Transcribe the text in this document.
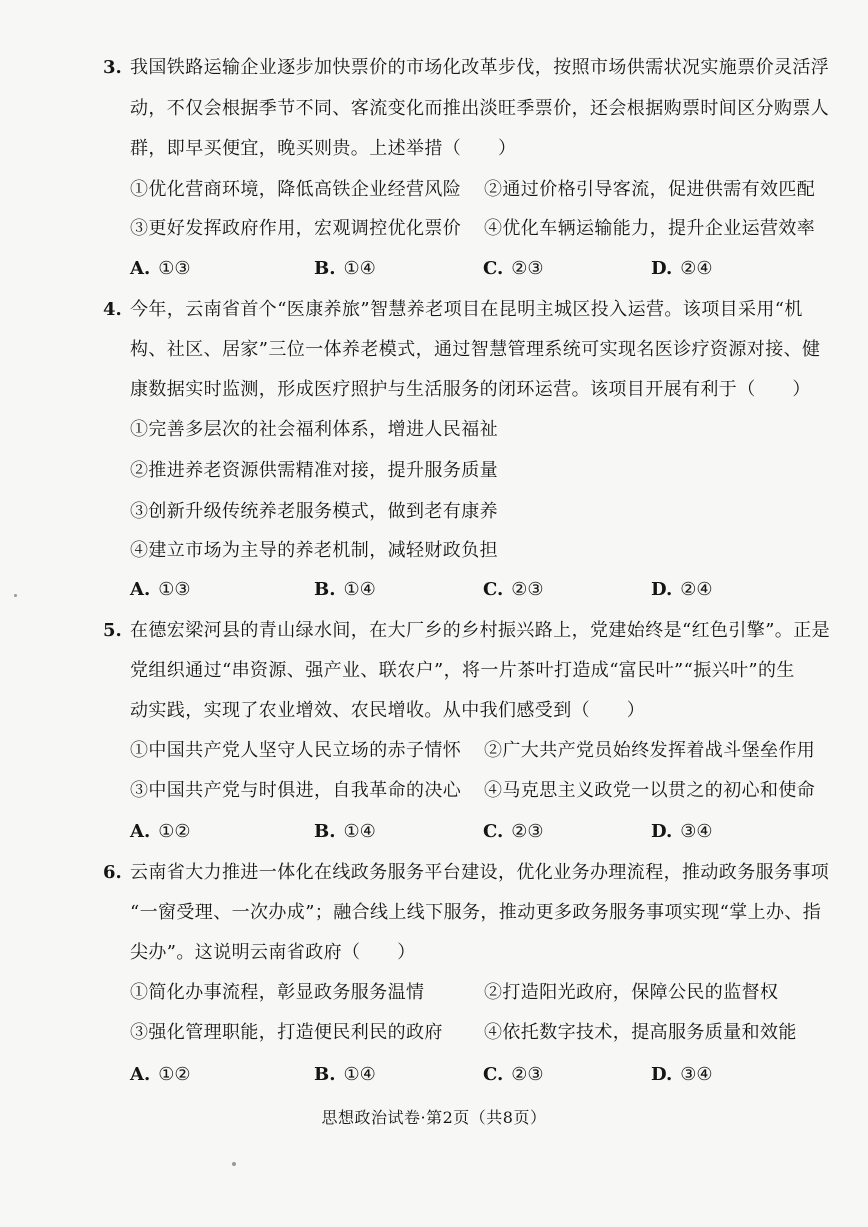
3. 我国铁路运输企业逐步加快票价的市场化改革步伐，按照市场供需状况实施票价灵活浮
动，不仅会根据季节不同、客流变化而推出淡旺季票价，还会根据购票时间区分购票人
群，即早买便宜，晚买则贵。上述举措（　　）
①优化营商环境，降低高铁企业经营风险 ②通过价格引导客流，促进供需有效匹配
③更好发挥政府作用，宏观调控优化票价 ④优化车辆运输能力，提升企业运营效率
A. ①③	B. ①④	C. ②③	D. ②④
4. 今年，云南省首个“医康养旅”智慧养老项目在昆明主城区投入运营。该项目采用“机
构、社区、居家”三位一体养老模式，通过智慧管理系统可实现名医诊疗资源对接、健
康数据实时监测，形成医疗照护与生活服务的闭环运营。该项目开展有利于（　　）
①完善多层次的社会福利体系，增进人民福祉
②推进养老资源供需精准对接，提升服务质量
③创新升级传统养老服务模式，做到老有康养
④建立市场为主导的养老机制，减轻财政负担
A. ①③	B. ①④	C. ②③	D. ②④
5. 在德宏梁河县的青山绿水间，在大厂乡的乡村振兴路上，党建始终是“红色引擎”。正是
党组织通过“串资源、强产业、联农户”，将一片茶叶打造成“富民叶”“振兴叶”的生
动实践，实现了农业增效、农民增收。从中我们感受到（　　）
①中国共产党人坚守人民立场的赤子情怀 ②广大共产党员始终发挥着战斗堡垒作用
③中国共产党与时俱进，自我革命的决心 ④马克思主义政党一以贯之的初心和使命
A. ①②	B. ①④	C. ②③	D. ③④
6. 云南省大力推进一体化在线政务服务平台建设，优化业务办理流程，推动政务服务事项
“一窗受理、一次办成”；融合线上线下服务，推动更多政务服务事项实现“掌上办、指
尖办”。这说明云南省政府（　　）
①简化办事流程，彰显政务服务温情	②打造阳光政府，保障公民的监督权
③强化管理职能，打造便民利民的政府 ④依托数字技术，提高服务质量和效能
A. ①②	B. ①④	C. ②③	D. ③④
思想政治试卷·第2页（共8页）
